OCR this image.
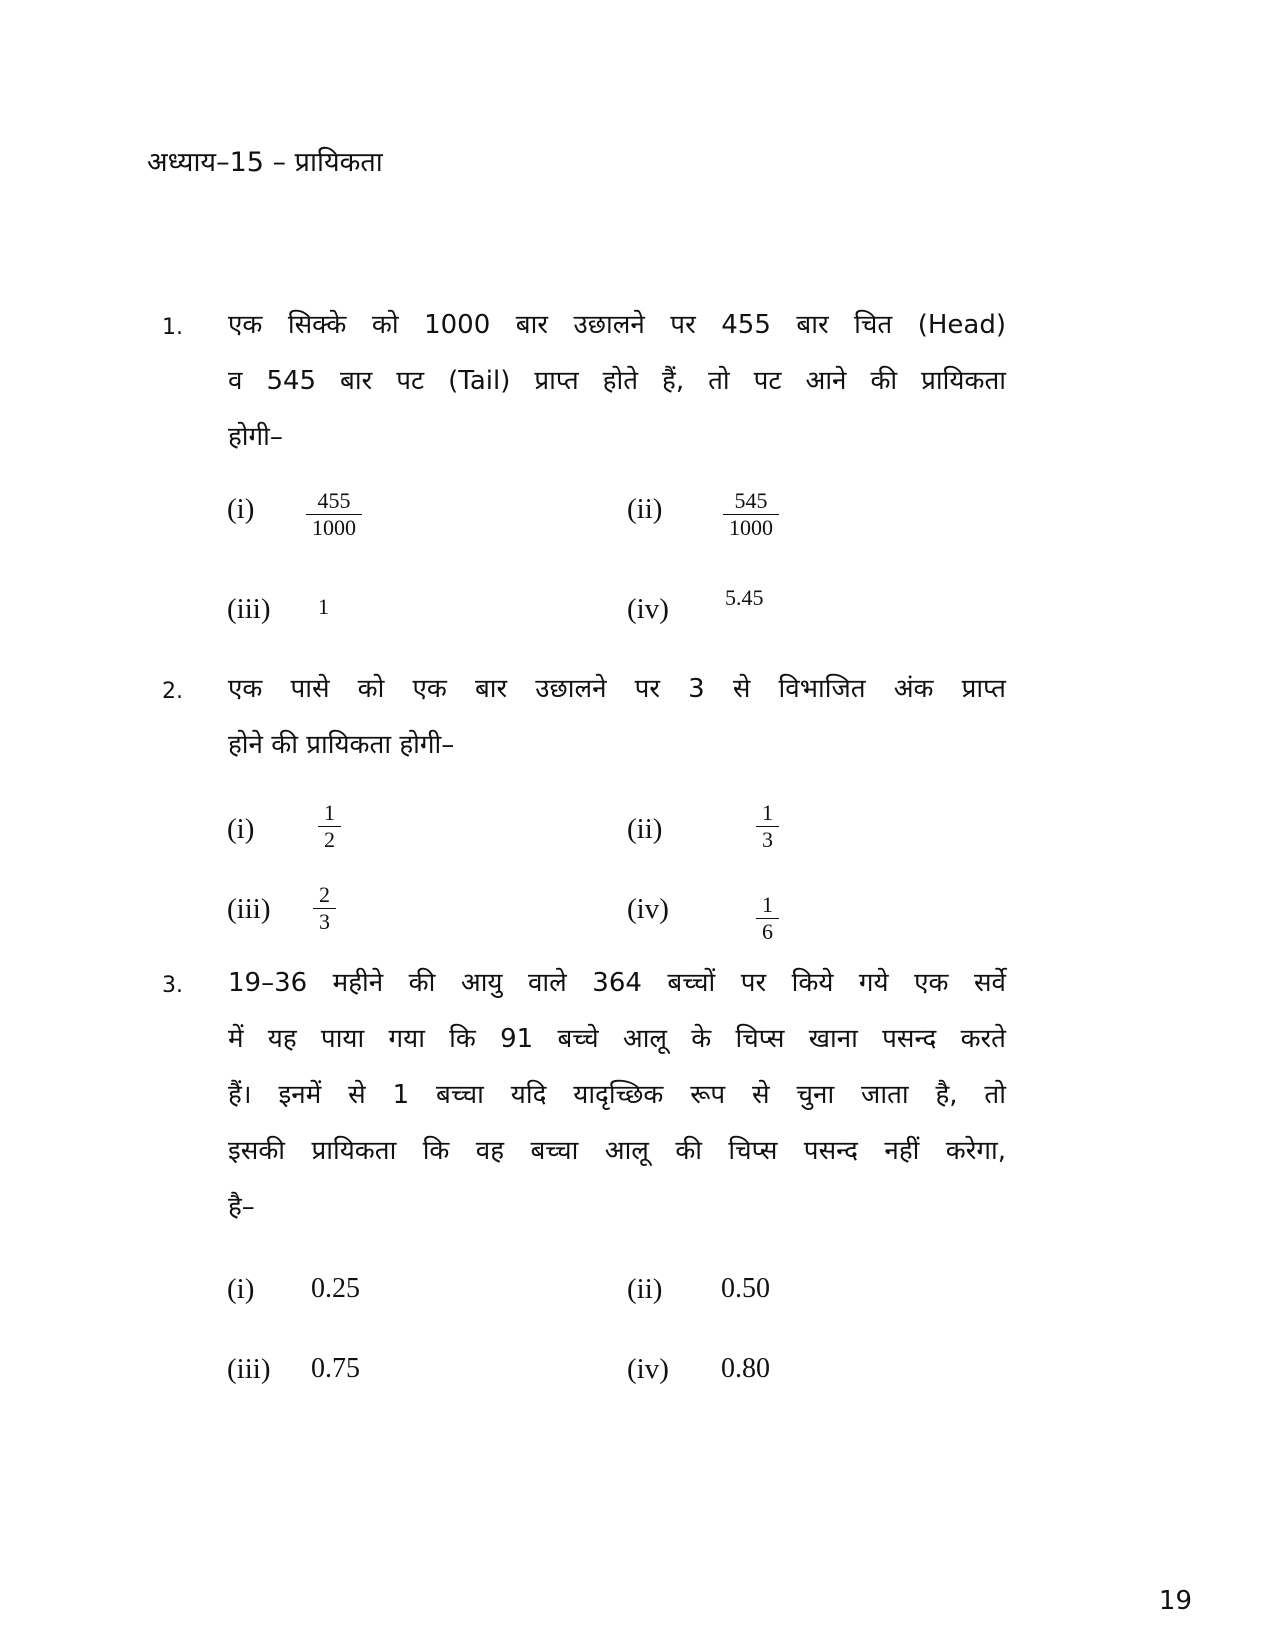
अध्याय–15 – प्रायिकता
1. एक सिक्के को 1000 बार उछालने पर 455 बार चित (Head)
व 545 बार पट (Tail) प्राप्त होते हैं, तो पट आने की प्रायिकता
होगी–
$(i) \frac{455}{1000}$	(ii)	$\frac{545}{1000}$
(iii) 1	(iv)	5.45
2. एक पासे को एक बार उछालने पर 3 से विभाजित अंक प्राप्त
होने की प्रायिकता होगी–
(i)	$\frac{1}{2}$	(ii)	$\frac{1}{3}$
$(iii) \frac{2}{3}$	(iv)	$\frac{1}{6}$
3. 19–36 महीने की आयु वाले 364 बच्चों पर किये गये एक सर्वे
में यह पाया गया कि 91 बच्चे आलू के चिप्स खाना पसन्द करते
हैं। इनमें से 1 बच्चा यदि यादृच्छिक रूप से चुना जाता है, तो
इसकी प्रायिकता कि वह बच्चा आलू की चिप्स पसन्द नहीं करेगा,
है–
(i) 0.25	(ii) 0.50
(iii) 0.75	(iv) 0.80
19
